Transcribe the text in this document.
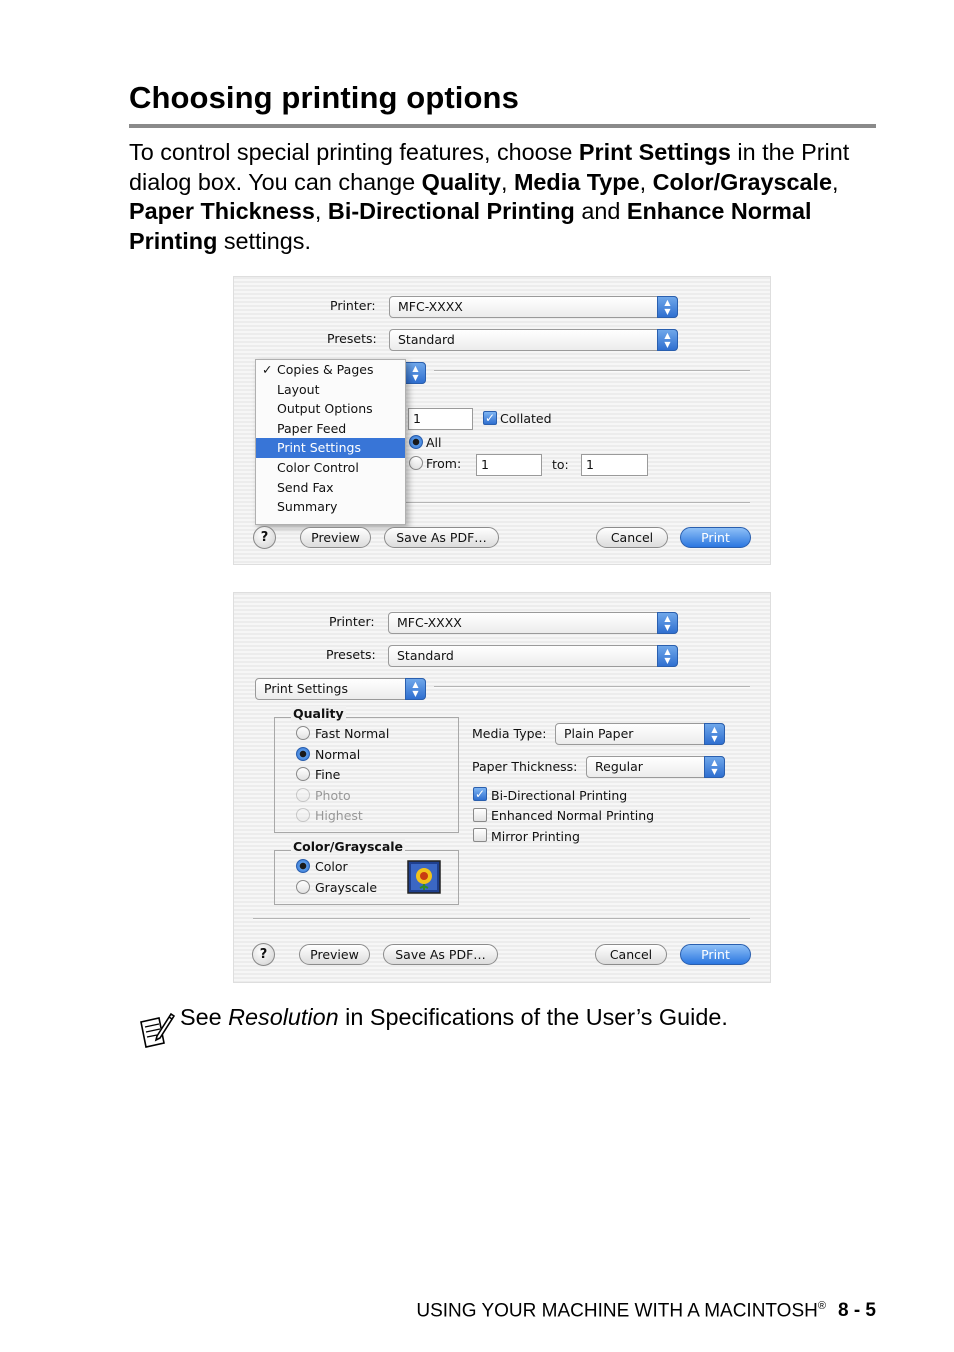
Choosing printing options

To control special printing features, choose Print Settings in the Print dialog box. You can change Quality, Media Type, Color/Grayscale, Paper Thickness, Bi-Directional Printing and Enhance Normal Printing settings.

Printer:	MFC-XXXX	▲
▼
Presets:	Standard	▲
▼
▲
▼
1	✓ Collated
All
From:	1	to:	1
✓ Copies & Pages
Layout
Output Options
Paper Feed
Print Settings
Color Control
Send Fax
Summary
?	Preview	Save As PDF…	Cancel	Print
Printer:	MFC-XXXX	▲
▼
Presets:	Standard	▲
▼
Print Settings	▲
▼
Quality
Fast Normal
Normal
Fine
Photo
Highest
Color/Grayscale
Color
Grayscale
Media Type:	Plain Paper	▲
▼
Paper Thickness:	Regular	▲
▼
✓ Bi-Directional Printing
Enhanced Normal Printing
Mirror Printing
?	Preview	Save As PDF…	Cancel	Print
See Resolution in Specifications of the User’s Guide.
USING YOUR MACHINE WITH A MACINTOSH® 8 - 5
